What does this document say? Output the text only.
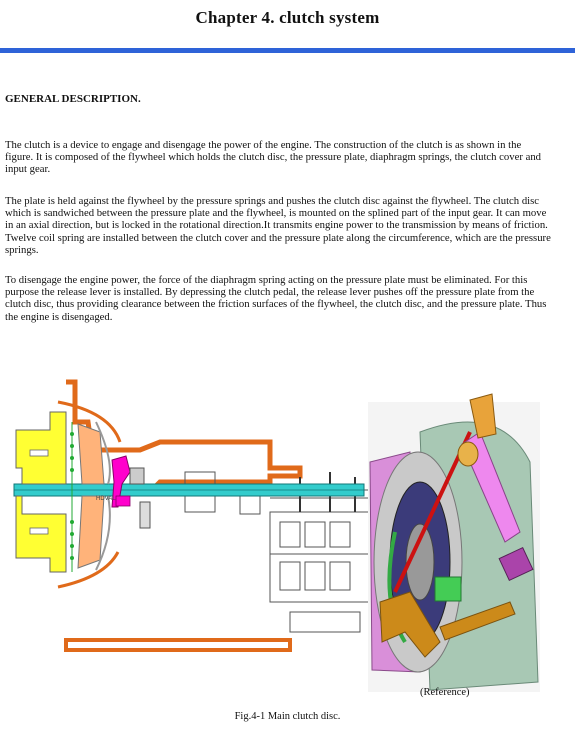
Chapter 4. clutch system
GENERAL DESCRIPTION.
The clutch is a device to engage and disengage the power of the engine. The construction of the clutch is as shown in the figure. It is composed of the flywheel which holds the clutch disc, the pressure plate, diaphragm springs, the clutch cover and input gear.
The plate is held against the flywheel by the pressure springs and pushes the clutch disc against the flywheel. The clutch disc which is sandwiched between the pressure plate and the flywheel, is mounted on the splined part of the input gear. It can move in an axial direction, but is locked in the rotational direction.It transmits engine power to the transmission by means of friction. Twelve coil spring are installed between the clutch cover and the pressure plate along the circumference, which are the pressure springs.
To disengage the engine power, the force of the diaphragm spring acting on the pressure plate must be eliminated. For this purpose the release lever is installed. By depressing the clutch pedal, the release lever pushes off the pressure plate from the clutch disc, thus providing clearance between the friction surfaces of the flywheel, the clutch disc, and the pressure plate. Thus the engine is disengaged.
HDVAL
(Reference)
Fig.4-1 Main clutch disc.
